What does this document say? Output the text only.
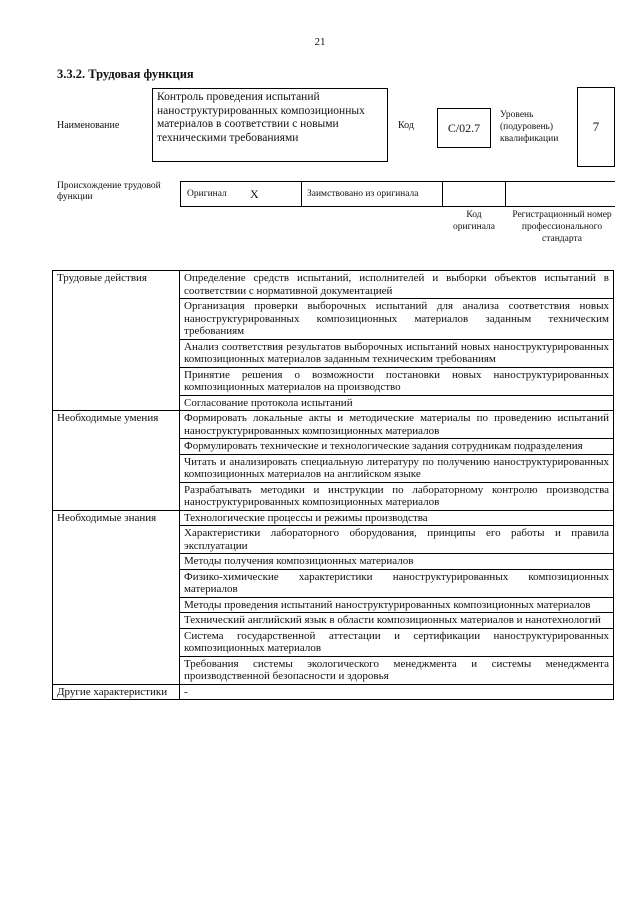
21
3.3.2. Трудовая функция
Наименование
Контроль проведения испытаний наноструктурированных композиционных материалов в соответствии с новыми техническими требованиями
Код	C/02.7
Уровень (подуровень) квалификации
7
Происхождение трудовой функции	Оригинал X	Заимствовано из оригинала
Код оригинала
Регистрационный номер профессионального стандарта
Трудовые действия	Определение средств испытаний, исполнителей и выборки объектов испытаний в соответствии с нормативной документацией
	Организация проверки выборочных испытаний для анализа соответствия новых наноструктурированных композиционных материалов заданным техническим требованиям
	Анализ соответствия результатов выборочных испытаний новых наноструктурированных композиционных материалов заданным техническим требованиям
	Принятие решения о возможности постановки новых наноструктурированных композиционных материалов на производство
	Согласование протокола испытаний
Необходимые умения	Формировать локальные акты и методические материалы по проведению испытаний наноструктурированных композиционных материалов
	Формулировать технические и технологические задания сотрудникам подразделения
	Читать и анализировать специальную литературу по получению наноструктурированных композиционных материалов на английском языке
	Разрабатывать методики и инструкции по лабораторному контролю производства наноструктурированных композиционных материалов
Необходимые знания	Технологические процессы и режимы производства
	Характеристики лабораторного оборудования, принципы его работы и правила эксплуатации
	Методы получения композиционных материалов
	Физико-химические характеристики наноструктурированных композиционных материалов
	Методы проведения испытаний наноструктурированных композиционных материалов
	Технический английский язык в области композиционных материалов и нанотехнологий
	Система государственной аттестации и сертификации наноструктурированных композиционных материалов
	Требования системы экологического менеджмента и системы менеджмента производственной безопасности и здоровья
Другие характеристики	-
